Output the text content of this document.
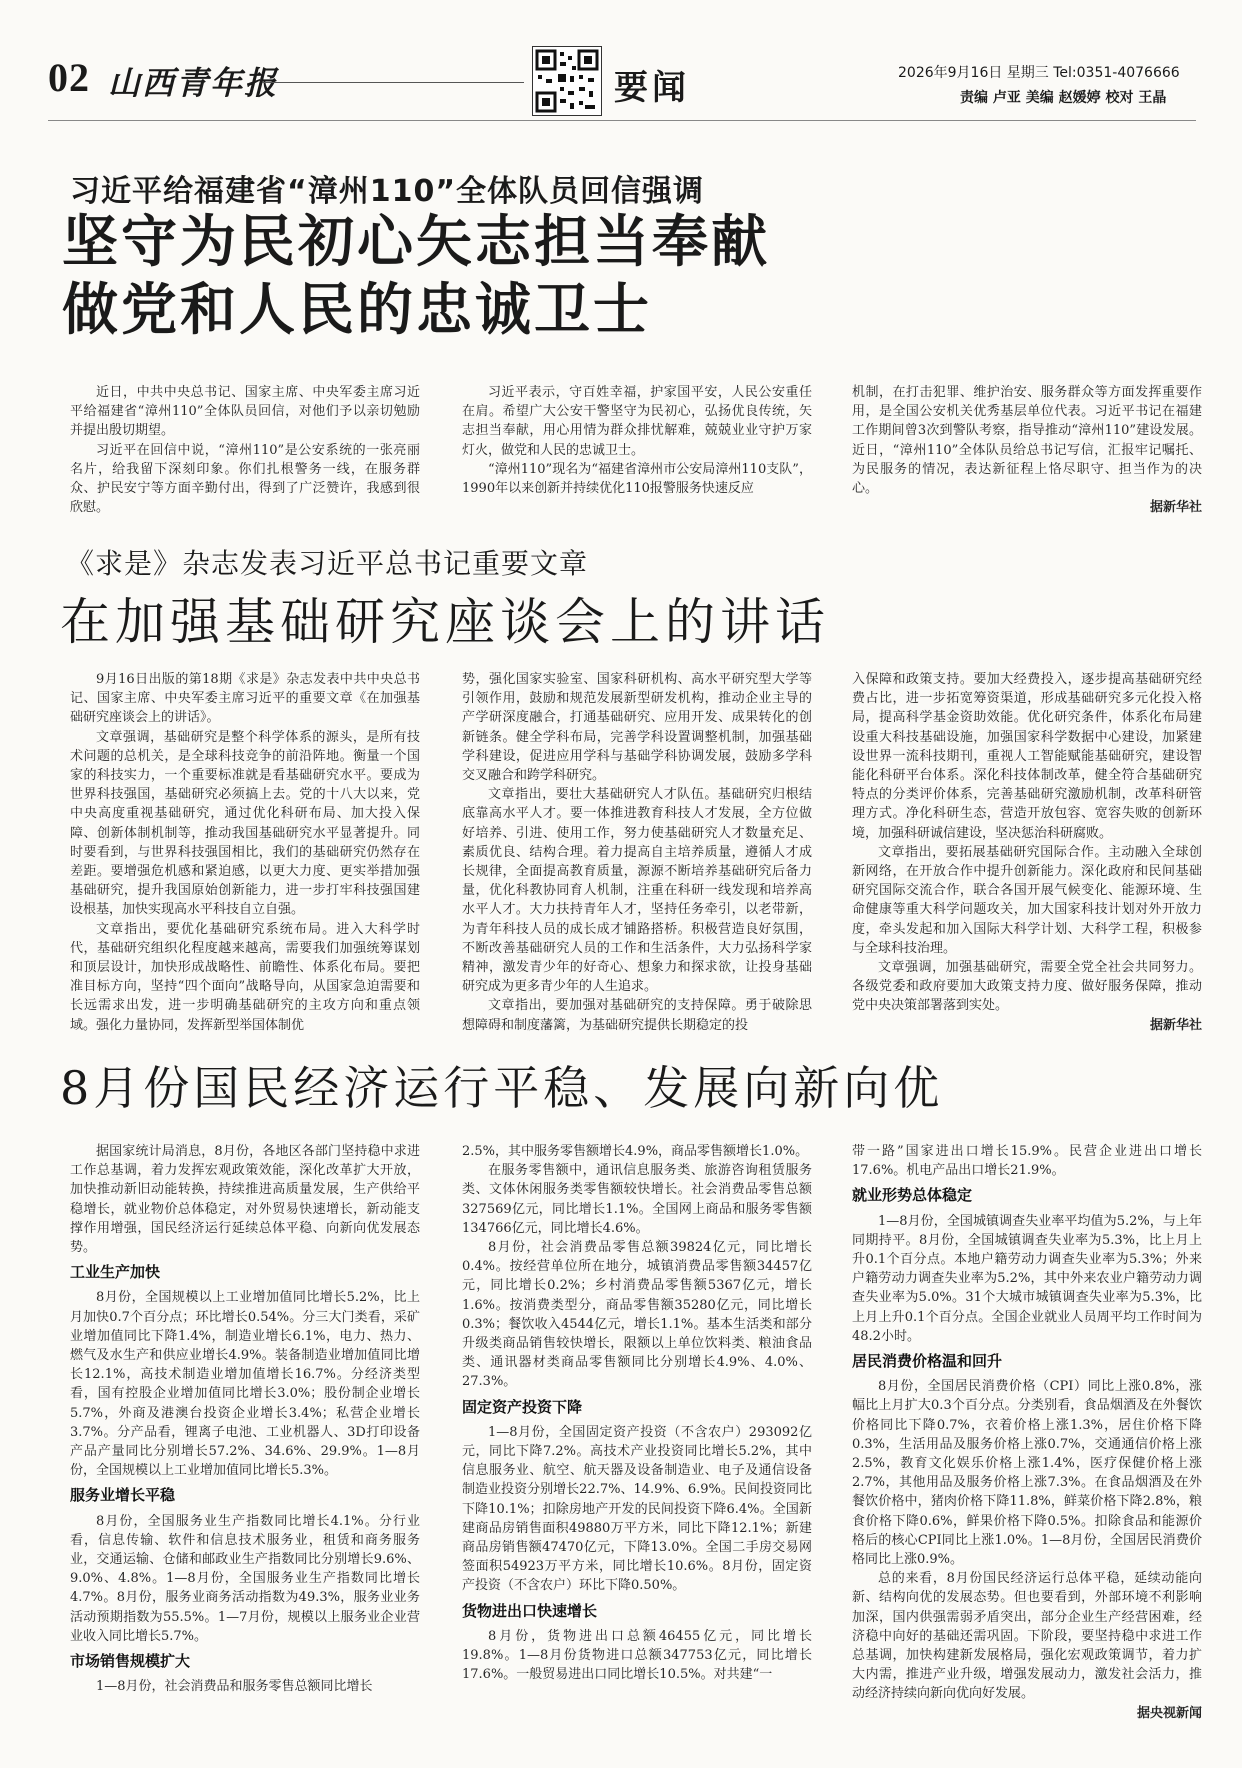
02 山西青年报	要闻	2026年9月16日 星期三 Tel:0351-4076666
责编 卢亚 美编 赵媛婷 校对 王晶
习近平给福建省“漳州110”全体队员回信强调
坚守为民初心矢志担当奉献
做党和人民的忠诚卫士

近日，中共中央总书记、国家主席、中央军委主席习近平给福建省“漳州110”全体队员回信，对他们予以亲切勉励并提出殷切期望。

习近平在回信中说，“漳州110”是公安系统的一张亮丽名片，给我留下深刻印象。你们扎根警务一线，在服务群众、护民安宁等方面辛勤付出，得到了广泛赞许，我感到很欣慰。

习近平表示，守百姓幸福，护家国平安，人民公安重任在肩。希望广大公安干警坚守为民初心，弘扬优良传统，矢志担当奉献，用心用情为群众排忧解难，兢兢业业守护万家灯火，做党和人民的忠诚卫士。

“漳州110”现名为“福建省漳州市公安局漳州110支队”，1990年以来创新并持续优化110报警服务快速反应

机制，在打击犯罪、维护治安、服务群众等方面发挥重要作用，是全国公安机关优秀基层单位代表。习近平书记在福建工作期间曾3次到警队考察，指导推动“漳州110”建设发展。近日，“漳州110”全体队员给总书记写信，汇报牢记嘱托、为民服务的情况，表达新征程上恪尽职守、担当作为的决心。

据新华社
《求是》杂志发表习近平总书记重要文章
在加强基础研究座谈会上的讲话

9月16日出版的第18期《求是》杂志发表中共中央总书记、国家主席、中央军委主席习近平的重要文章《在加强基础研究座谈会上的讲话》。

文章强调，基础研究是整个科学体系的源头，是所有技术问题的总机关，是全球科技竞争的前沿阵地。衡量一个国家的科技实力，一个重要标准就是看基础研究水平。要成为世界科技强国，基础研究必须搞上去。党的十八大以来，党中央高度重视基础研究，通过优化科研布局、加大投入保障、创新体制机制等，推动我国基础研究水平显著提升。同时要看到，与世界科技强国相比，我们的基础研究仍然存在差距。要增强危机感和紧迫感，以更大力度、更实举措加强基础研究，提升我国原始创新能力，进一步打牢科技强国建设根基，加快实现高水平科技自立自强。

文章指出，要优化基础研究系统布局。进入大科学时代，基础研究组织化程度越来越高，需要我们加强统筹谋划和顶层设计，加快形成战略性、前瞻性、体系化布局。要把准目标方向，坚持“四个面向”战略导向，从国家急迫需要和长远需求出发，进一步明确基础研究的主攻方向和重点领域。强化力量协同，发挥新型举国体制优

势，强化国家实验室、国家科研机构、高水平研究型大学等引领作用，鼓励和规范发展新型研发机构，推动企业主导的产学研深度融合，打通基础研究、应用开发、成果转化的创新链条。健全学科布局，完善学科设置调整机制，加强基础学科建设，促进应用学科与基础学科协调发展，鼓励多学科交叉融合和跨学科研究。

文章指出，要壮大基础研究人才队伍。基础研究归根结底靠高水平人才。要一体推进教育科技人才发展，全方位做好培养、引进、使用工作，努力使基础研究人才数量充足、素质优良、结构合理。着力提高自主培养质量，遵循人才成长规律，全面提高教育质量，源源不断培养基础研究后备力量，优化科教协同育人机制，注重在科研一线发现和培养高水平人才。大力扶持青年人才，坚持任务牵引，以老带新，为青年科技人员的成长成才铺路搭桥。积极营造良好氛围，不断改善基础研究人员的工作和生活条件，大力弘扬科学家精神，激发青少年的好奇心、想象力和探求欲，让投身基础研究成为更多青少年的人生追求。

文章指出，要加强对基础研究的支持保障。勇于破除思想障碍和制度藩篱，为基础研究提供长期稳定的投

入保障和政策支持。要加大经费投入，逐步提高基础研究经费占比，进一步拓宽筹资渠道，形成基础研究多元化投入格局，提高科学基金资助效能。优化研究条件，体系化布局建设重大科技基础设施，加强国家科学数据中心建设，加紧建设世界一流科技期刊，重视人工智能赋能基础研究，建设智能化科研平台体系。深化科技体制改革，健全符合基础研究特点的分类评价体系，完善基础研究激励机制，改革科研管理方式。净化科研生态，营造开放包容、宽容失败的创新环境，加强科研诚信建设，坚决惩治科研腐败。

文章指出，要拓展基础研究国际合作。主动融入全球创新网络，在开放合作中提升创新能力。深化政府和民间基础研究国际交流合作，联合各国开展气候变化、能源环境、生命健康等重大科学问题攻关，加大国家科技计划对外开放力度，牵头发起和加入国际大科学计划、大科学工程，积极参与全球科技治理。

文章强调，加强基础研究，需要全党全社会共同努力。各级党委和政府要加大政策支持力度、做好服务保障，推动党中央决策部署落到实处。

据新华社
8月份国民经济运行平稳、发展向新向优

据国家统计局消息，8月份，各地区各部门坚持稳中求进工作总基调，着力发挥宏观政策效能，深化改革扩大开放，加快推动新旧动能转换，持续推进高质量发展，生产供给平稳增长，就业物价总体稳定，对外贸易快速增长，新动能支撑作用增强，国民经济运行延续总体平稳、向新向优发展态势。

工业生产加快

8月份，全国规模以上工业增加值同比增长5.2%，比上月加快0.7个百分点；环比增长0.54%。分三大门类看，采矿业增加值同比下降1.4%，制造业增长6.1%，电力、热力、燃气及水生产和供应业增长4.9%。装备制造业增加值同比增长12.1%，高技术制造业增加值增长16.7%。分经济类型看，国有控股企业增加值同比增长3.0%；股份制企业增长5.7%，外商及港澳台投资企业增长3.4%；私营企业增长3.7%。分产品看，锂离子电池、工业机器人、3D打印设备产品产量同比分别增长57.2%、34.6%、29.9%。1—8月份，全国规模以上工业增加值同比增长5.3%。

服务业增长平稳

8月份，全国服务业生产指数同比增长4.1%。分行业看，信息传输、软件和信息技术服务业，租赁和商务服务业，交通运输、仓储和邮政业生产指数同比分别增长9.6%、9.0%、4.8%。1—8月份，全国服务业生产指数同比增长4.7%。8月份，服务业商务活动指数为49.3%，服务业业务活动预期指数为55.5%。1—7月份，规模以上服务业企业营业收入同比增长5.7%。

市场销售规模扩大

1—8月份，社会消费品和服务零售总额同比增长

2.5%，其中服务零售额增长4.9%，商品零售额增长1.0%。

在服务零售额中，通讯信息服务类、旅游咨询租赁服务类、文体休闲服务类零售额较快增长。社会消费品零售总额327569亿元，同比增长1.1%。全国网上商品和服务零售额134766亿元，同比增长4.6%。

8月份，社会消费品零售总额39824亿元，同比增长0.4%。按经营单位所在地分，城镇消费品零售额34457亿元，同比增长0.2%；乡村消费品零售额5367亿元，增长1.6%。按消费类型分，商品零售额35280亿元，同比增长0.3%；餐饮收入4544亿元，增长1.1%。基本生活类和部分升级类商品销售较快增长，限额以上单位饮料类、粮油食品类、通讯器材类商品零售额同比分别增长4.9%、4.0%、27.3%。

固定资产投资下降

1—8月份，全国固定资产投资（不含农户）293092亿元，同比下降7.2%。高技术产业投资同比增长5.2%，其中信息服务业、航空、航天器及设备制造业、电子及通信设备制造业投资分别增长22.7%、14.9%、6.9%。民间投资同比下降10.1%；扣除房地产开发的民间投资下降6.4%。全国新建商品房销售面积49880万平方米，同比下降12.1%；新建商品房销售额47470亿元，下降13.0%。全国二手房交易网签面积54923万平方米，同比增长10.6%。8月份，固定资产投资（不含农户）环比下降0.50%。

货物进出口快速增长

8月份，货物进出口总额46455亿元，同比增长19.8%。1—8月份货物进口总额347753亿元，同比增长17.6%。一般贸易进出口同比增长10.5%。对共建“一

带一路”国家进出口增长15.9%。民营企业进出口增长17.6%。机电产品出口增长21.9%。

就业形势总体稳定

1—8月份，全国城镇调查失业率平均值为5.2%，与上年同期持平。8月份，全国城镇调查失业率为5.3%，比上月上升0.1个百分点。本地户籍劳动力调查失业率为5.3%；外来户籍劳动力调查失业率为5.2%，其中外来农业户籍劳动力调查失业率为5.0%。31个大城市城镇调查失业率为5.3%，比上月上升0.1个百分点。全国企业就业人员周平均工作时间为48.2小时。

居民消费价格温和回升

8月份，全国居民消费价格（CPI）同比上涨0.8%，涨幅比上月扩大0.3个百分点。分类别看，食品烟酒及在外餐饮价格同比下降0.7%，衣着价格上涨1.3%，居住价格下降0.3%，生活用品及服务价格上涨0.7%，交通通信价格上涨2.5%，教育文化娱乐价格上涨1.4%，医疗保健价格上涨2.7%，其他用品及服务价格上涨7.3%。在食品烟酒及在外餐饮价格中，猪肉价格下降11.8%，鲜菜价格下降2.8%，粮食价格下降0.6%，鲜果价格下降0.5%。扣除食品和能源价格后的核心CPI同比上涨1.0%。1—8月份，全国居民消费价格同比上涨0.9%。

总的来看，8月份国民经济运行总体平稳，延续动能向新、结构向优的发展态势。但也要看到，外部环境不利影响加深，国内供强需弱矛盾突出，部分企业生产经营困难，经济稳中向好的基础还需巩固。下阶段，要坚持稳中求进工作总基调，加快构建新发展格局，强化宏观政策调节，着力扩大内需，推进产业升级，增强发展动力，激发社会活力，推动经济持续向新向优向好发展。

据央视新闻
